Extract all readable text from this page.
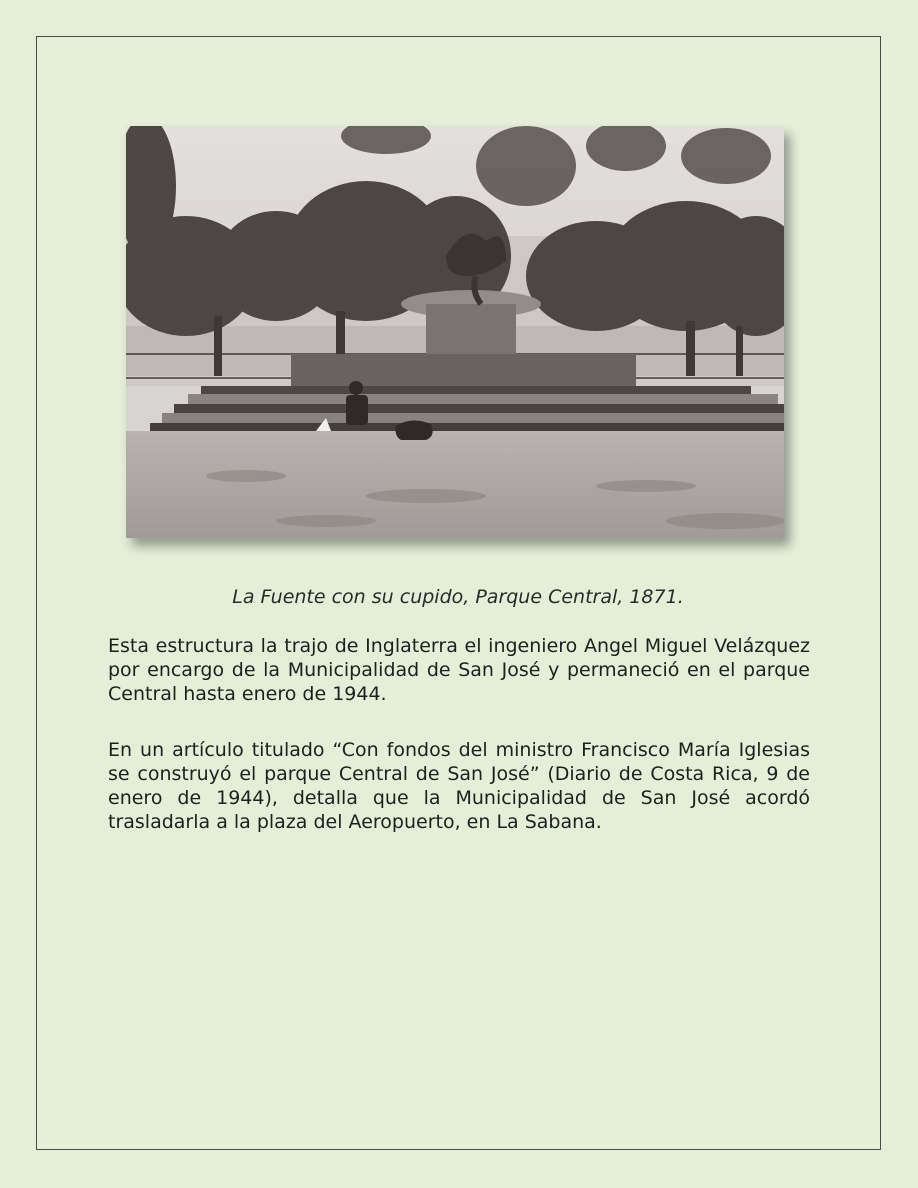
La Fuente con su cupido, Parque Central, 1871.

Esta estructura la trajo de Inglaterra el ingeniero Angel Miguel Velázquez por encargo de la Municipalidad de San José y permaneció en el parque Central hasta enero de 1944.

En un artículo titulado “Con fondos del ministro Francisco María Iglesias se construyó el parque Central de San José” (Diario de Costa Rica, 9 de enero de 1944), detalla que la Municipalidad de San José acordó trasladarla a la plaza del Aeropuerto, en La Sabana.
